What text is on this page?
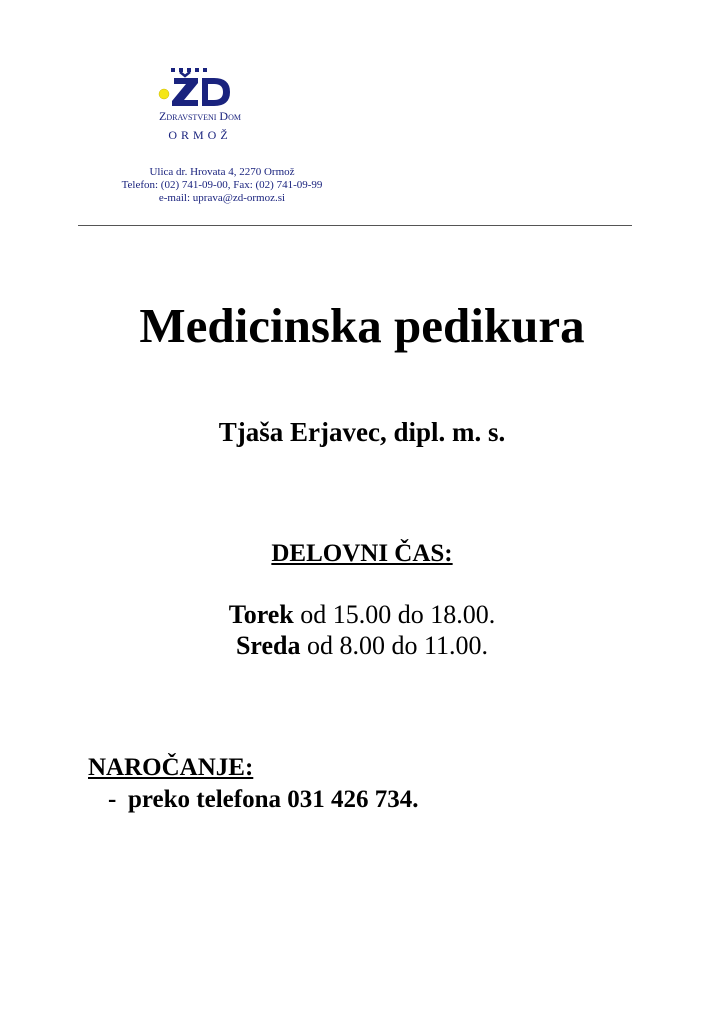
Zdravstveni Dom
ORMOŽ
Ulica dr. Hrovata 4, 2270 Ormož
Telefon: (02) 741-09-00, Fax: (02) 741-09-99
e-mail: uprava@zd-ormoz.si
Medicinska pedikura
Tjaša Erjavec, dipl. m. s.
DELOVNI ČAS:
Torek od 15.00 do 18.00.
Sreda od 8.00 do 11.00.
NAROČANJE:
- preko telefona 031 426 734.
